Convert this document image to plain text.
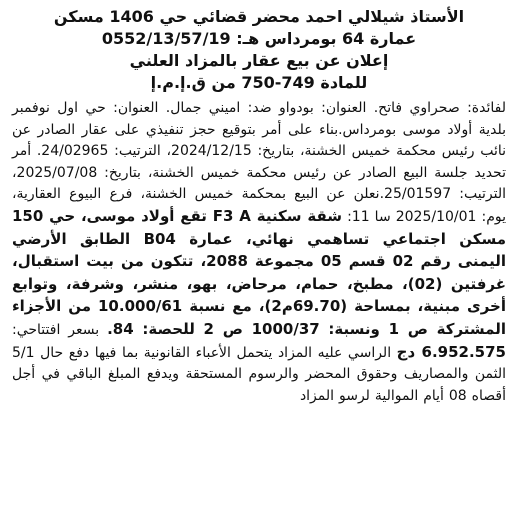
الأستاذ شيلالي احمد محضر قضائي حي 1406 مسكن

عمارة 64 بومرداس هـ: 0552/13/57/19

إعلان عن بيع عقار بالمزاد العلني

للمادة 749-750 من ق.إ.م.إ

لفائدة: صحراوي فاتح. العنوان: بودواو ضد: اميني جمال. العنوان: حي اول نوفمبر بلدية أولاد موسى بومرداس.بناء على أمر بتوقيع حجز تنفيذي على عقار الصادر عن نائب رئيس محكمة خميس الخشنة، بتاريخ: 2024/12/15، الترتيب: 24/02965. أمر تحديد جلسة البيع الصادر عن رئيس محكمة خميس الخشنة، بتاريخ: 2025/07/08، الترتيب: 25/01597.نعلن عن البيع بمحكمة خميس الخشنة، فرع البيوع العقارية، يوم: 2025/10/01 سا 11: شقة سكنية F3 A تقع أولاد موسى، حي 150 مسكن اجتماعي تساهمي نهائي، عمارة B04 الطابق الأرضي اليمنى رقم 02 قسم 05 مجموعة 2088، تتكون من بيت استقبال، غرفتين (02)، مطبخ، حمام، مرحاض، بهو، منشر، وشرفة، وتوابع أخرى مبنية، بمساحة (69.70م2)، مع نسبة 10.000/61 من الأجزاء المشتركة ص 1 ونسبة: 1000/37 ص 2 للحصة: 84. بسعر افتتاحي: 6.952.575 دج الراسي عليه المزاد يتحمل الأعباء القانونية بما فيها دفع حال 5/1 الثمن والمصاريف وحقوق المحضر والرسوم المستحقة ويدفع المبلغ الباقي في أجل أقصاه 08 أيام الموالية لرسو المزاد
